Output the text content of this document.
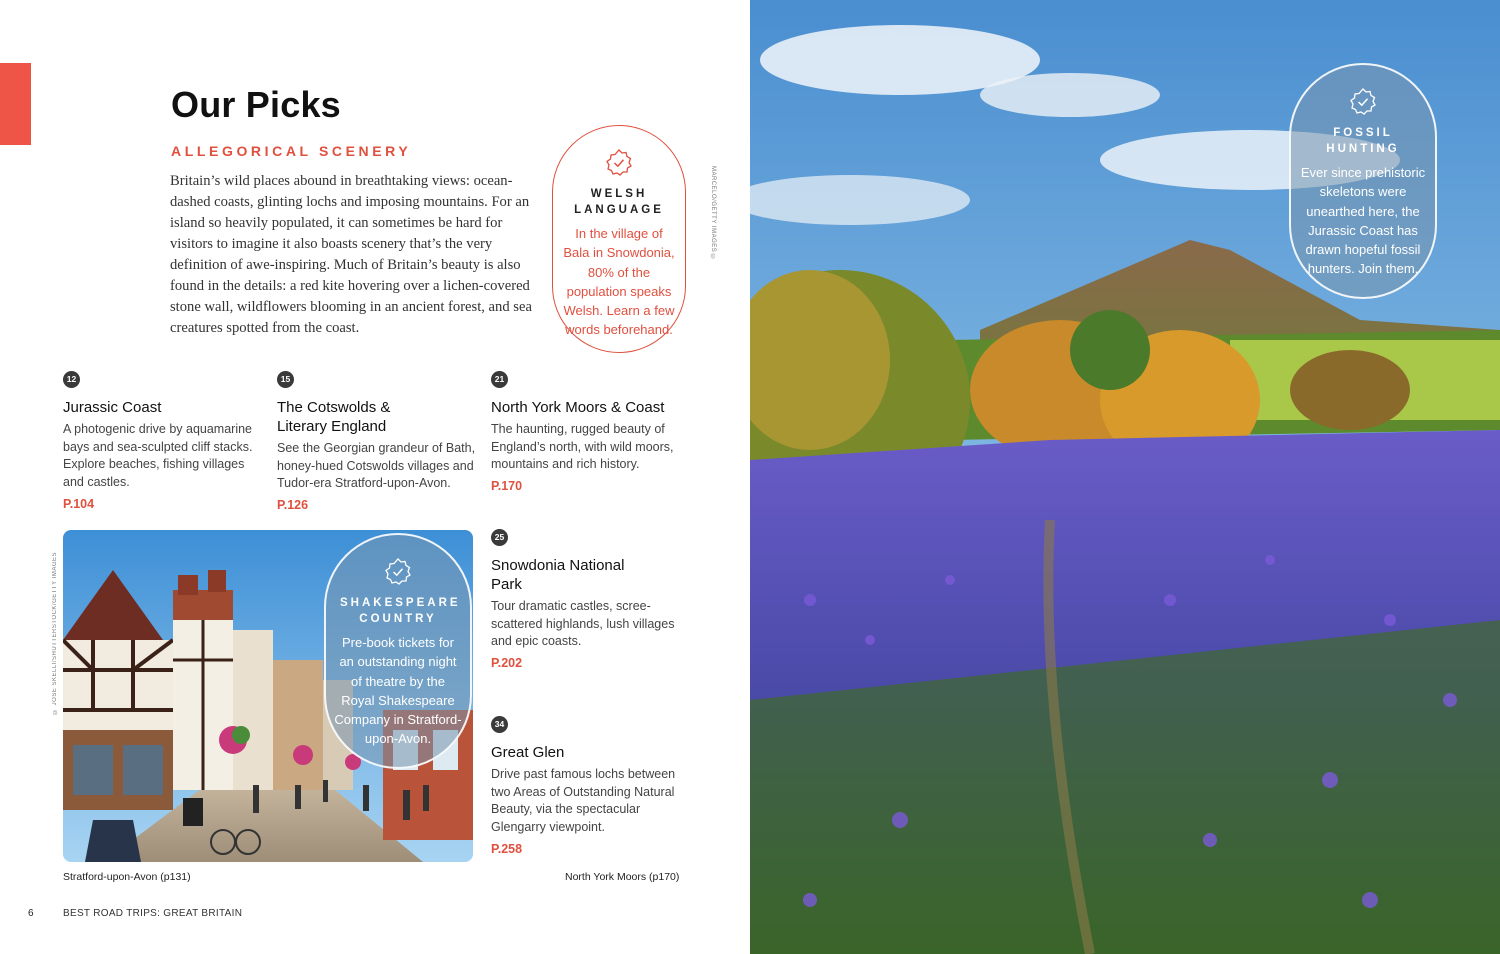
Our Picks
ALLEGORICAL SCENERY

Britain’s wild places abound in breathtaking views: ocean-dashed coasts, glinting lochs and imposing mountains. For an island so heavily populated, it can sometimes be hard for visitors to imagine it also boasts scenery that’s the very definition of awe-inspiring. Much of Britain’s beauty is also found in the details: a red kite hovering over a lichen-covered stone wall, wildflowers blooming in an ancient forest, and sea creatures spotted from the coast.

WELSH LANGUAGE
In the village of Bala in Snowdonia, 80% of the population speaks Welsh. Learn a few words beforehand.
MARCELO/GETTY IMAGES ©
12
Jurassic Coast
A photogenic drive by aquamarine bays and sea-sculpted cliff stacks. Explore beaches, fishing villages and castles.
P.104
15
The Cotswolds & Literary England
See the Georgian grandeur of Bath, honey-hued Cotswolds villages and Tudor-era Stratford-upon-Avon.
P.126
21
North York Moors & Coast
The haunting, rugged beauty of England’s north, with wild moors, mountains and rich history.
P.170
25
Snowdonia National Park
Tour dramatic castles, scree-scattered highlands, lush villages and epic coasts.
P.202
34
Great Glen
Drive past famous lochs between two Areas of Outstanding Natural Beauty, via the spectacular Glengarry viewpoint.
P.258
SHAKESPEARE COUNTRY
Pre-book tickets for an outstanding night of theatre by the Royal Shakespeare Company in Stratford-upon-Avon.
© JOSE SKELLI/SHUTTERSTOCK/GETTY IMAGES
Stratford-upon-Avon (p131)	North York Moors (p170)
6	BEST ROAD TRIPS: GREAT BRITAIN
FOSSIL HUNTING
Ever since prehistoric skeletons were unearthed here, the Jurassic Coast has drawn hopeful fossil hunters. Join them.
